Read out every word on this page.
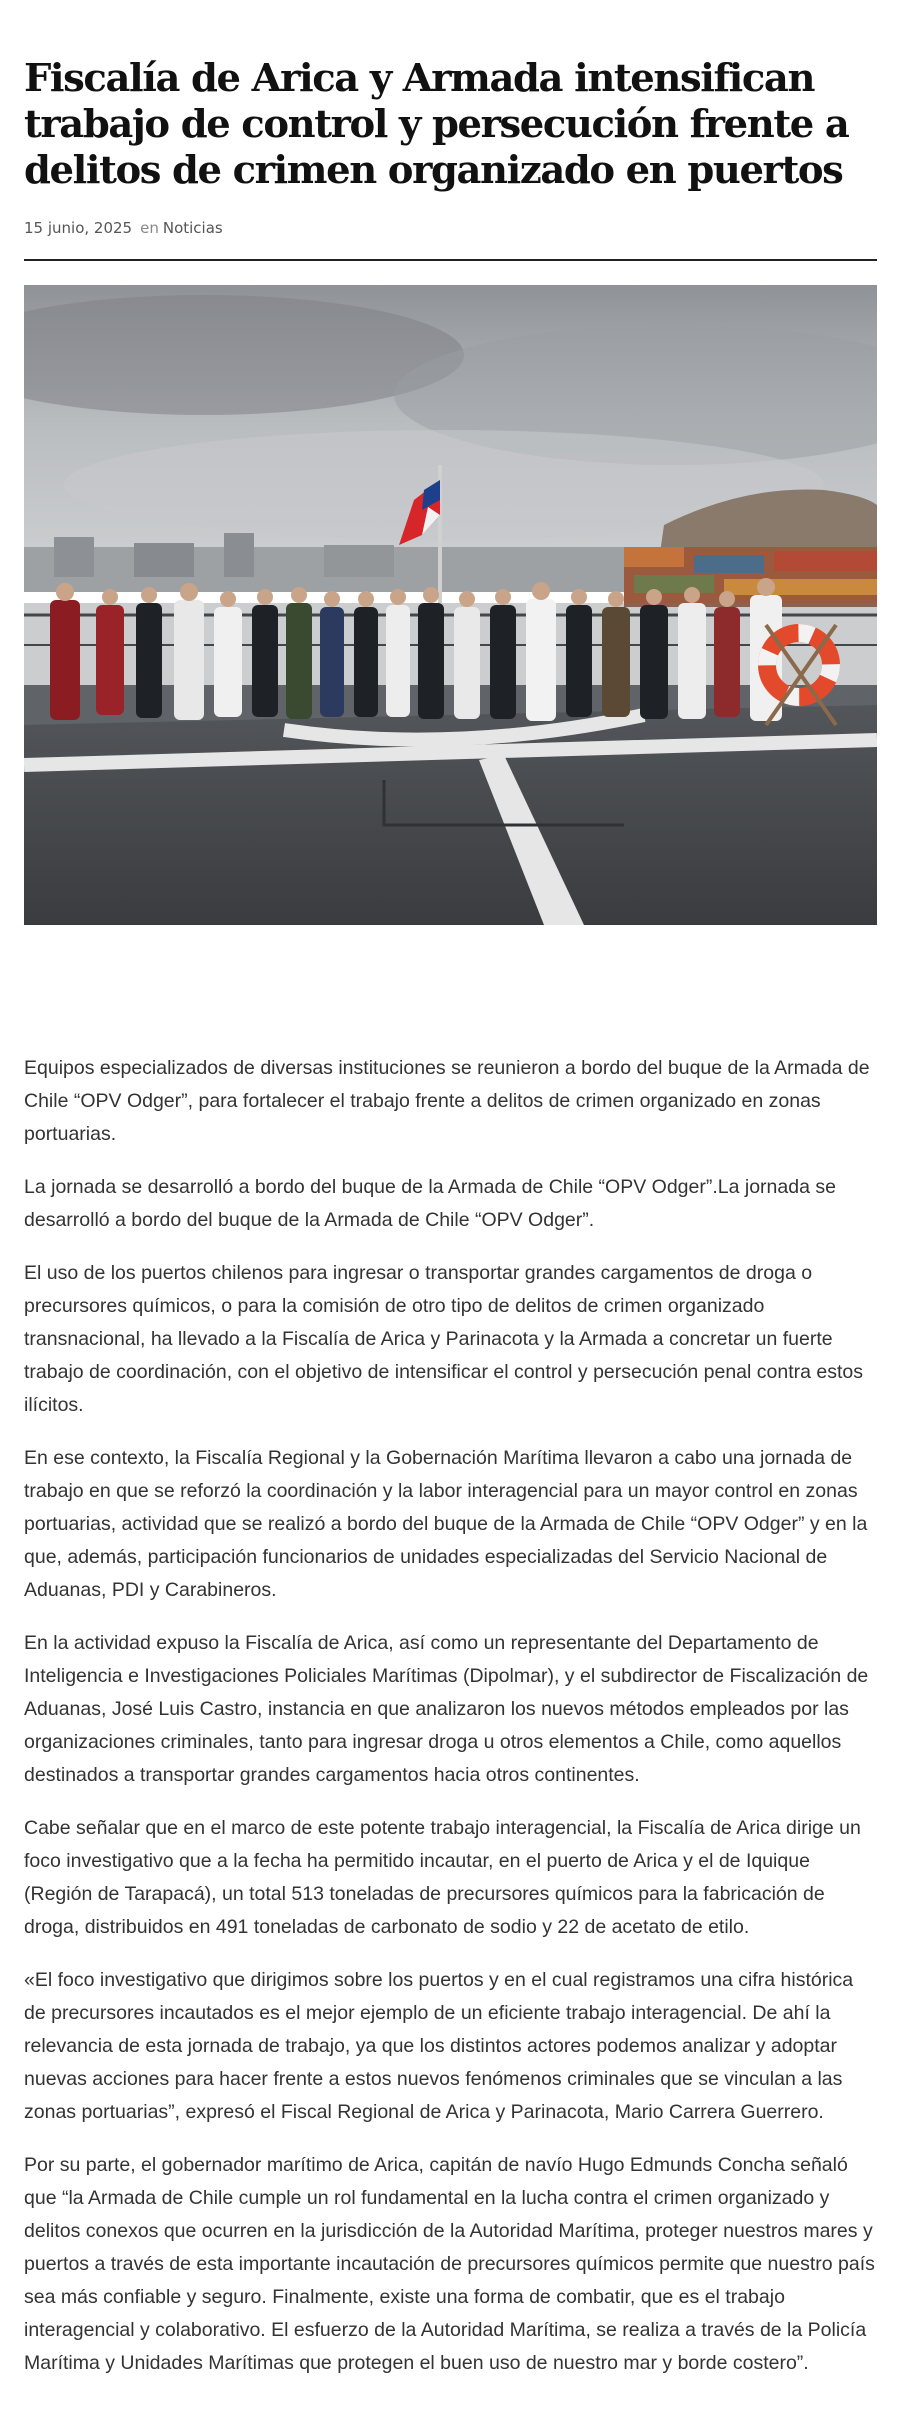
Fiscalía de Arica y Armada intensifican trabajo de control y persecución frente a delitos de crimen organizado en puertos
15 junio, 2025 en Noticias

Equipos especializados de diversas instituciones se reunieron a bordo del buque de la Armada de Chile “OPV Odger”, para fortalecer el trabajo frente a delitos de crimen organizado en zonas portuarias.

La jornada se desarrolló a bordo del buque de la Armada de Chile “OPV Odger”.La jornada se desarrolló a bordo del buque de la Armada de Chile “OPV Odger”.

El uso de los puertos chilenos para ingresar o transportar grandes cargamentos de droga o precursores químicos, o para la comisión de otro tipo de delitos de crimen organizado transnacional, ha llevado a la Fiscalía de Arica y Parinacota y la Armada a concretar un fuerte trabajo de coordinación, con el objetivo de intensificar el control y persecución penal contra estos ilícitos.

En ese contexto, la Fiscalía Regional y la Gobernación Marítima llevaron a cabo una jornada de trabajo en que se reforzó la coordinación y la labor interagencial para un mayor control en zonas portuarias, actividad que se realizó a bordo del buque de la Armada de Chile “OPV Odger” y en la que, además, participación funcionarios de unidades especializadas del Servicio Nacional de Aduanas, PDI y Carabineros.

En la actividad expuso la Fiscalía de Arica, así como un representante del Departamento de Inteligencia e Investigaciones Policiales Marítimas (Dipolmar), y el subdirector de Fiscalización de Aduanas, José Luis Castro, instancia en que analizaron los nuevos métodos empleados por las organizaciones criminales, tanto para ingresar droga u otros elementos a Chile, como aquellos destinados a transportar grandes cargamentos hacia otros continentes.

Cabe señalar que en el marco de este potente trabajo interagencial, la Fiscalía de Arica dirige un foco investigativo que a la fecha ha permitido incautar, en el puerto de Arica y el de Iquique (Región de Tarapacá), un total 513 toneladas de precursores químicos para la fabricación de droga, distribuidos en 491 toneladas de carbonato de sodio y 22 de acetato de etilo.

«El foco investigativo que dirigimos sobre los puertos y en el cual registramos una cifra histórica de precursores incautados es el mejor ejemplo de un eficiente trabajo interagencial. De ahí la relevancia de esta jornada de trabajo, ya que los distintos actores podemos analizar y adoptar nuevas acciones para hacer frente a estos nuevos fenómenos criminales que se vinculan a las zonas portuarias”, expresó el Fiscal Regional de Arica y Parinacota, Mario Carrera Guerrero.

Por su parte, el gobernador marítimo de Arica, capitán de navío Hugo Edmunds Concha señaló que “la Armada de Chile cumple un rol fundamental en la lucha contra el crimen organizado y delitos conexos que ocurren en la jurisdicción de la Autoridad Marítima, proteger nuestros mares y puertos a través de esta importante incautación de precursores químicos permite que nuestro país sea más confiable y seguro. Finalmente, existe una forma de combatir, que es el trabajo interagencial y colaborativo. El esfuerzo de la Autoridad Marítima, se realiza a través de la Policía Marítima y Unidades Marítimas que protegen el buen uso de nuestro mar y borde costero”.
